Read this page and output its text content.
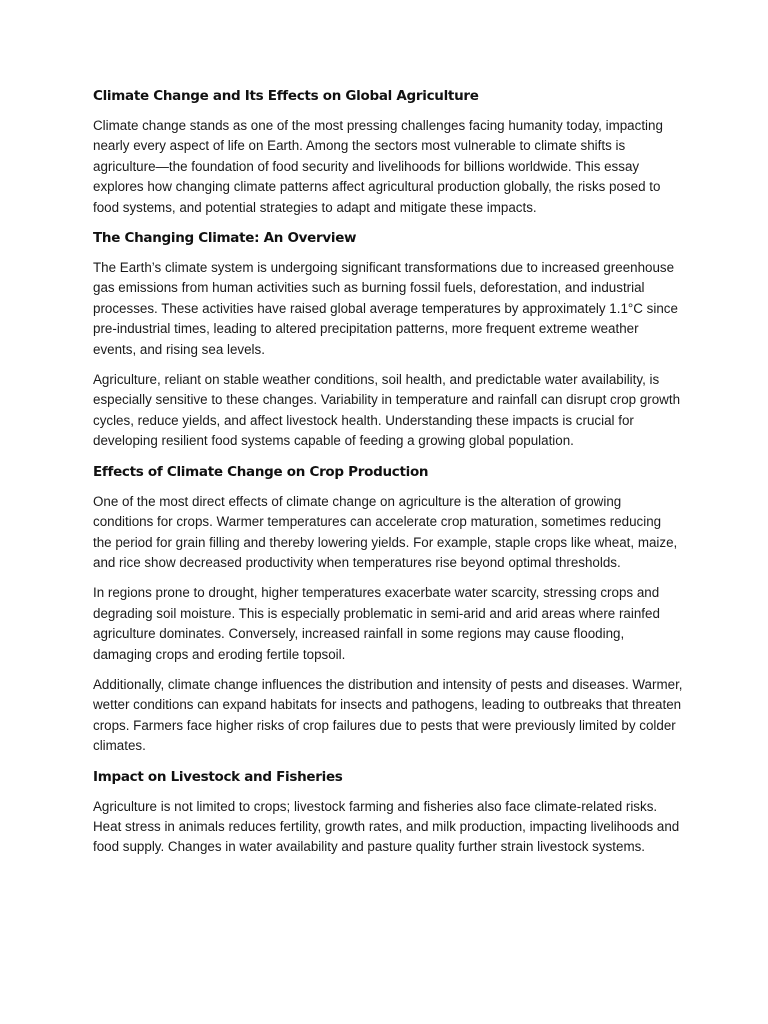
Climate Change and Its Effects on Global Agriculture

Climate change stands as one of the most pressing challenges facing humanity today, impacting nearly every aspect of life on Earth. Among the sectors most vulnerable to climate shifts is agriculture—the foundation of food security and livelihoods for billions worldwide. This essay explores how changing climate patterns affect agricultural production globally, the risks posed to food systems, and potential strategies to adapt and mitigate these impacts.

The Changing Climate: An Overview

The Earth’s climate system is undergoing significant transformations due to increased greenhouse gas emissions from human activities such as burning fossil fuels, deforestation, and industrial processes. These activities have raised global average temperatures by approximately 1.1°C since pre-industrial times, leading to altered precipitation patterns, more frequent extreme weather events, and rising sea levels.

Agriculture, reliant on stable weather conditions, soil health, and predictable water availability, is especially sensitive to these changes. Variability in temperature and rainfall can disrupt crop growth cycles, reduce yields, and affect livestock health. Understanding these impacts is crucial for developing resilient food systems capable of feeding a growing global population.

Effects of Climate Change on Crop Production

One of the most direct effects of climate change on agriculture is the alteration of growing conditions for crops. Warmer temperatures can accelerate crop maturation, sometimes reducing the period for grain filling and thereby lowering yields. For example, staple crops like wheat, maize, and rice show decreased productivity when temperatures rise beyond optimal thresholds.

In regions prone to drought, higher temperatures exacerbate water scarcity, stressing crops and degrading soil moisture. This is especially problematic in semi-arid and arid areas where rainfed agriculture dominates. Conversely, increased rainfall in some regions may cause flooding, damaging crops and eroding fertile topsoil.

Additionally, climate change influences the distribution and intensity of pests and diseases. Warmer, wetter conditions can expand habitats for insects and pathogens, leading to outbreaks that threaten crops. Farmers face higher risks of crop failures due to pests that were previously limited by colder climates.

Impact on Livestock and Fisheries

Agriculture is not limited to crops; livestock farming and fisheries also face climate-related risks. Heat stress in animals reduces fertility, growth rates, and milk production, impacting livelihoods and food supply. Changes in water availability and pasture quality further strain livestock systems.
